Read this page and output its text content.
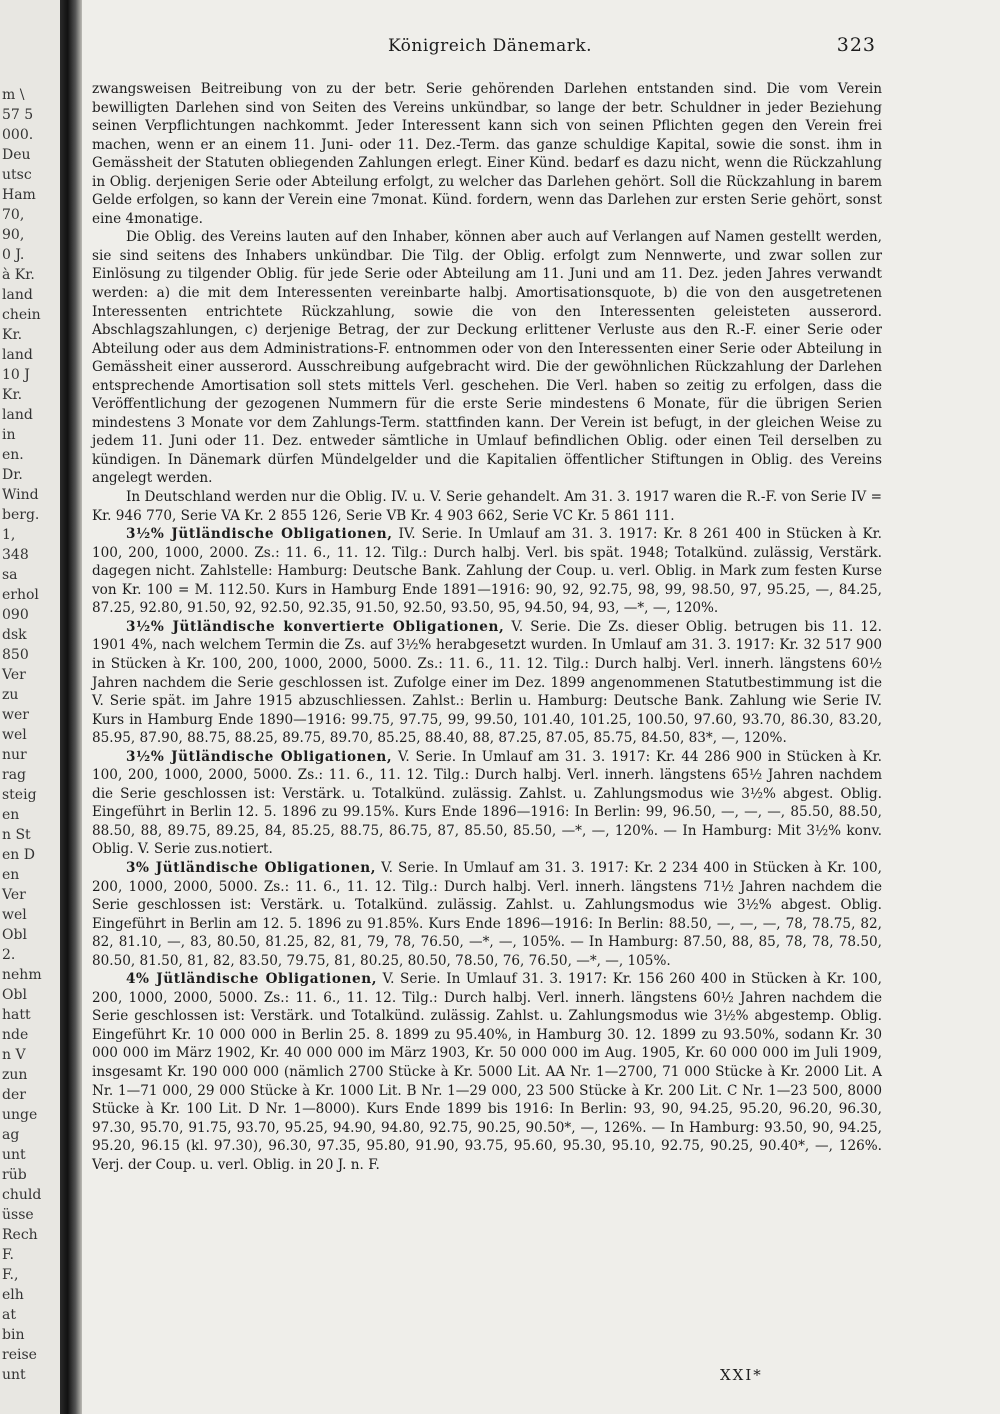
m \
57 5
000.
Deu
utsc
Ham
70,
90,
0 J.
à Kr.
land
chein
Kr.
land
10 J
Kr.
land
in
en.
Dr.
Wind
berg.
1,
348
sa
erhol
090
dsk
850
Ver
zu
wer
wel
nur
rag
steig
en
n St
en D
en
Ver
wel
Obl
2.
nehm
Obl
hatt
nde
n V
zun
der
unge
ag
unt
rüb
chuld
üsse
Rech
F.
F.,
elh
at
bin
reise
unt
Königreich Dänemark.	323

zwangsweisen Beitreibung von zu der betr. Serie gehörenden Darlehen entstanden sind. Die vom Verein bewilligten Darlehen sind von Seiten des Vereins unkündbar, so lange der betr. Schuldner in jeder Beziehung seinen Verpflichtungen nachkommt. Jeder Interessent kann sich von seinen Pflichten gegen den Verein frei machen, wenn er an einem 11. Juni- oder 11. Dez.-Term. das ganze schuldige Kapital, sowie die sonst. ihm in Gemässheit der Statuten obliegenden Zahlungen erlegt. Einer Künd. bedarf es dazu nicht, wenn die Rückzahlung in Oblig. derjenigen Serie oder Abteilung erfolgt, zu welcher das Darlehen gehört. Soll die Rückzahlung in barem Gelde erfolgen, so kann der Verein eine 7monat. Künd. fordern, wenn das Darlehen zur ersten Serie gehört, sonst eine 4monatige.

Die Oblig. des Vereins lauten auf den Inhaber, können aber auch auf Verlangen auf Namen gestellt werden, sie sind seitens des Inhabers unkündbar. Die Tilg. der Oblig. erfolgt zum Nennwerte, und zwar sollen zur Einlösung zu tilgender Oblig. für jede Serie oder Abteilung am 11. Juni und am 11. Dez. jeden Jahres verwandt werden: a) die mit dem Interessenten vereinbarte halbj. Amortisationsquote, b) die von den ausgetretenen Interessenten entrichtete Rückzahlung, sowie die von den Interessenten geleisteten ausserord. Abschlagszahlungen, c) derjenige Betrag, der zur Deckung erlittener Verluste aus den R.-F. einer Serie oder Abteilung oder aus dem Administrations-F. entnommen oder von den Interessenten einer Serie oder Abteilung in Gemässheit einer ausserord. Ausschreibung aufgebracht wird. Die der gewöhnlichen Rückzahlung der Darlehen entsprechende Amortisation soll stets mittels Verl. geschehen. Die Verl. haben so zeitig zu erfolgen, dass die Veröffentlichung der gezogenen Nummern für die erste Serie mindestens 6 Monate, für die übrigen Serien mindestens 3 Monate vor dem Zahlungs-Term. stattfinden kann. Der Verein ist befugt, in der gleichen Weise zu jedem 11. Juni oder 11. Dez. entweder sämtliche in Umlauf befindlichen Oblig. oder einen Teil derselben zu kündigen. In Dänemark dürfen Mündelgelder und die Kapitalien öffentlicher Stiftungen in Oblig. des Vereins angelegt werden.

In Deutschland werden nur die Oblig. IV. u. V. Serie gehandelt. Am 31. 3. 1917 waren die R.-F. von Serie IV = Kr. 946 770, Serie VA Kr. 2 855 126, Serie VB Kr. 4 903 662, Serie VC Kr. 5 861 111.

3½% Jütländische Obligationen, IV. Serie. In Umlauf am 31. 3. 1917: Kr. 8 261 400 in Stücken à Kr. 100, 200, 1000, 2000. Zs.: 11. 6., 11. 12. Tilg.: Durch halbj. Verl. bis spät. 1948; Totalkünd. zulässig, Verstärk. dagegen nicht. Zahlstelle: Hamburg: Deutsche Bank. Zahlung der Coup. u. verl. Oblig. in Mark zum festen Kurse von Kr. 100 = M. 112.50. Kurs in Hamburg Ende 1891—1916: 90, 92, 92.75, 98, 99, 98.50, 97, 95.25, —, 84.25, 87.25, 92.80, 91.50, 92, 92.50, 92.35, 91.50, 92.50, 93.50, 95, 94.50, 94, 93, —*, —, 120%.

3½% Jütländische konvertierte Obligationen, V. Serie. Die Zs. dieser Oblig. betrugen bis 11. 12. 1901 4%, nach welchem Termin die Zs. auf 3½% herabgesetzt wurden. In Umlauf am 31. 3. 1917: Kr. 32 517 900 in Stücken à Kr. 100, 200, 1000, 2000, 5000. Zs.: 11. 6., 11. 12. Tilg.: Durch halbj. Verl. innerh. längstens 60½ Jahren nachdem die Serie geschlossen ist. Zufolge einer im Dez. 1899 angenommenen Statutbestimmung ist die V. Serie spät. im Jahre 1915 abzuschliessen. Zahlst.: Berlin u. Hamburg: Deutsche Bank. Zahlung wie Serie IV. Kurs in Hamburg Ende 1890—1916: 99.75, 97.75, 99, 99.50, 101.40, 101.25, 100.50, 97.60, 93.70, 86.30, 83.20, 85.95, 87.90, 88.75, 88.25, 89.75, 89.70, 85.25, 88.40, 88, 87.25, 87.05, 85.75, 84.50, 83*, —, 120%.

3½% Jütländische Obligationen, V. Serie. In Umlauf am 31. 3. 1917: Kr. 44 286 900 in Stücken à Kr. 100, 200, 1000, 2000, 5000. Zs.: 11. 6., 11. 12. Tilg.: Durch halbj. Verl. innerh. längstens 65½ Jahren nachdem die Serie geschlossen ist: Verstärk. u. Totalkünd. zulässig. Zahlst. u. Zahlungsmodus wie 3½% abgest. Oblig. Eingeführt in Berlin 12. 5. 1896 zu 99.15%. Kurs Ende 1896—1916: In Berlin: 99, 96.50, —, —, —, 85.50, 88.50, 88.50, 88, 89.75, 89.25, 84, 85.25, 88.75, 86.75, 87, 85.50, 85.50, —*, —, 120%. — In Hamburg: Mit 3½% konv. Oblig. V. Serie zus.notiert.

3% Jütländische Obligationen, V. Serie. In Umlauf am 31. 3. 1917: Kr. 2 234 400 in Stücken à Kr. 100, 200, 1000, 2000, 5000. Zs.: 11. 6., 11. 12. Tilg.: Durch halbj. Verl. innerh. längstens 71½ Jahren nachdem die Serie geschlossen ist: Verstärk. u. Totalkünd. zulässig. Zahlst. u. Zahlungsmodus wie 3½% abgest. Oblig. Eingeführt in Berlin am 12. 5. 1896 zu 91.85%. Kurs Ende 1896—1916: In Berlin: 88.50, —, —, —, 78, 78.75, 82, 82, 81.10, —, 83, 80.50, 81.25, 82, 81, 79, 78, 76.50, —*, —, 105%. — In Hamburg: 87.50, 88, 85, 78, 78, 78.50, 80.50, 81.50, 81, 82, 83.50, 79.75, 81, 80.25, 80.50, 78.50, 76, 76.50, —*, —, 105%.

4% Jütländische Obligationen, V. Serie. In Umlauf 31. 3. 1917: Kr. 156 260 400 in Stücken à Kr. 100, 200, 1000, 2000, 5000. Zs.: 11. 6., 11. 12. Tilg.: Durch halbj. Verl. innerh. längstens 60½ Jahren nachdem die Serie geschlossen ist: Verstärk. und Totalkünd. zulässig. Zahlst. u. Zahlungsmodus wie 3½% abgestemp. Oblig. Eingeführt Kr. 10 000 000 in Berlin 25. 8. 1899 zu 95.40%, in Hamburg 30. 12. 1899 zu 93.50%, sodann Kr. 30 000 000 im März 1902, Kr. 40 000 000 im März 1903, Kr. 50 000 000 im Aug. 1905, Kr. 60 000 000 im Juli 1909, insgesamt Kr. 190 000 000 (nämlich 2700 Stücke à Kr. 5000 Lit. AA Nr. 1—2700, 71 000 Stücke à Kr. 2000 Lit. A Nr. 1—71 000, 29 000 Stücke à Kr. 1000 Lit. B Nr. 1—29 000, 23 500 Stücke à Kr. 200 Lit. C Nr. 1—23 500, 8000 Stücke à Kr. 100 Lit. D Nr. 1—8000). Kurs Ende 1899 bis 1916: In Berlin: 93, 90, 94.25, 95.20, 96.20, 96.30, 97.30, 95.70, 91.75, 93.70, 95.25, 94.90, 94.80, 92.75, 90.25, 90.50*, —, 126%. — In Hamburg: 93.50, 90, 94.25, 95.20, 96.15 (kl. 97.30), 96.30, 97.35, 95.80, 91.90, 93.75, 95.60, 95.30, 95.10, 92.75, 90.25, 90.40*, —, 126%. Verj. der Coup. u. verl. Oblig. in 20 J. n. F.

XXI*
